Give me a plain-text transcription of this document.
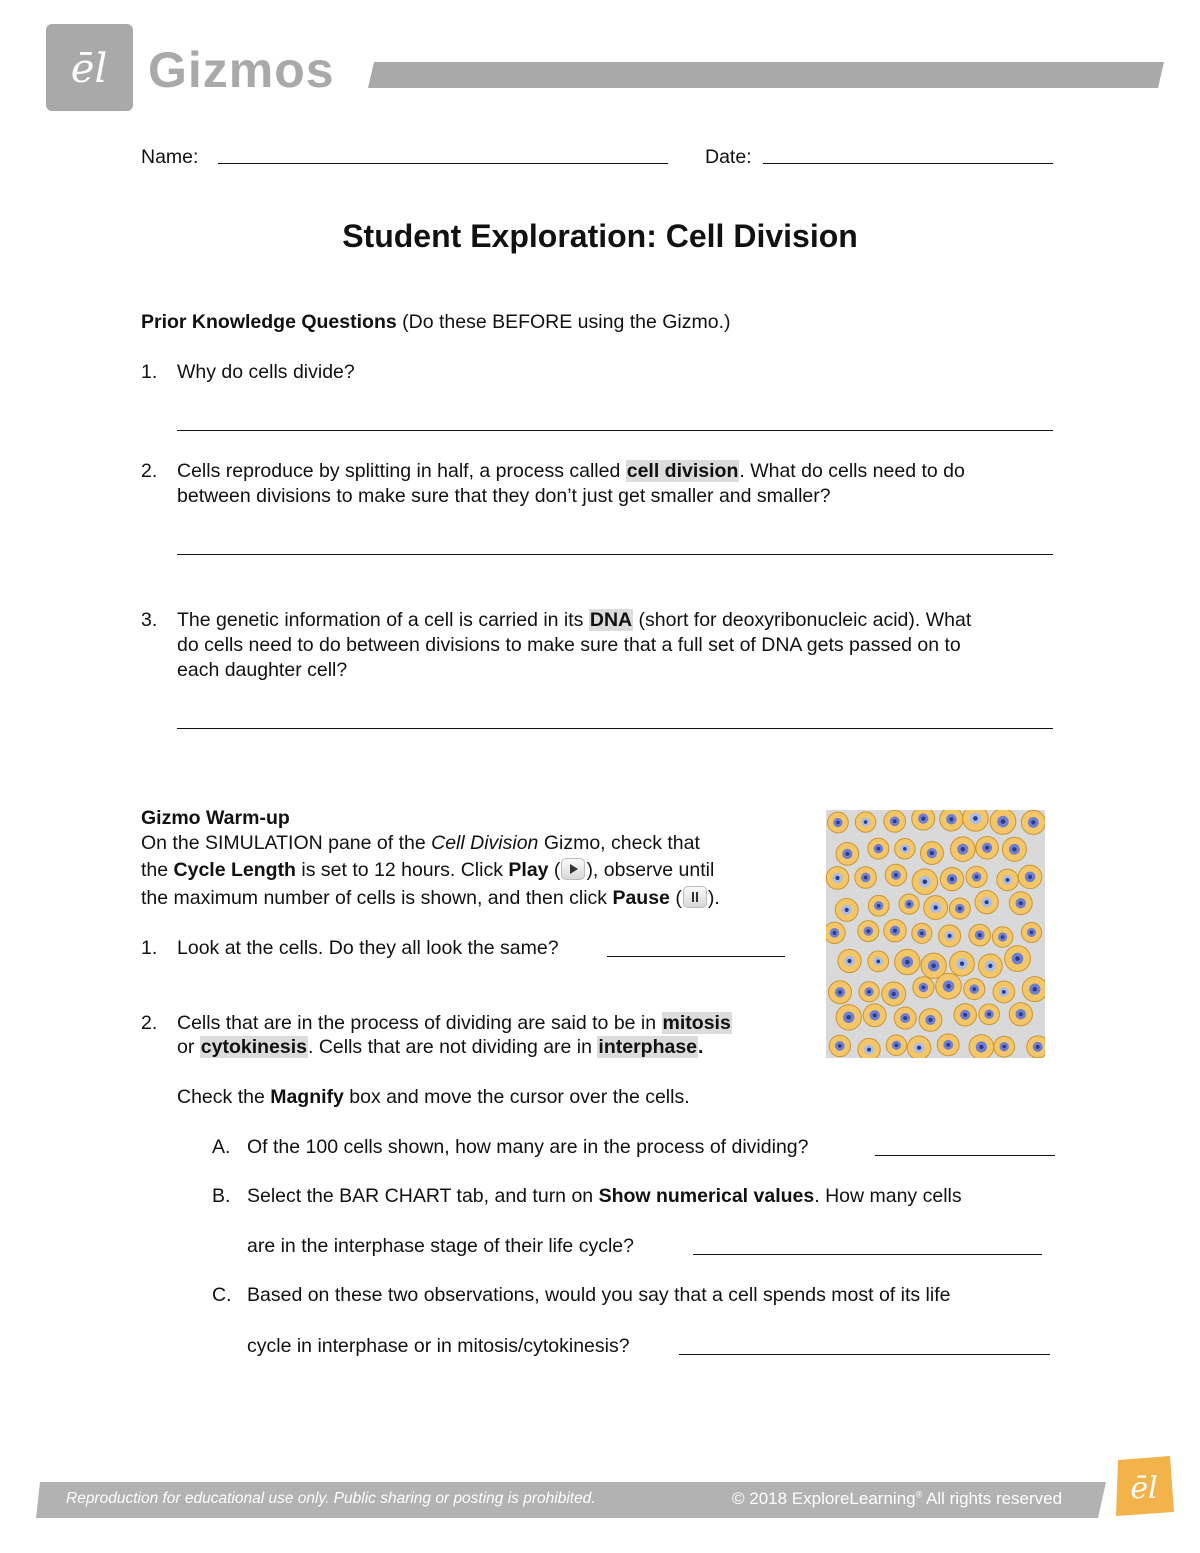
ēl Gizmos
Name:	Date:
Student Exploration: Cell Division
Prior Knowledge Questions (Do these BEFORE using the Gizmo.)
1. Why do cells divide?
2. Cells reproduce by splitting in half, a process called cell division. What do cells need to do
between divisions to make sure that they don’t just get smaller and smaller?
3. The genetic information of a cell is carried in its DNA (short for deoxyribonucleic acid). What
do cells need to do between divisions to make sure that a full set of DNA gets passed on to
each daughter cell?
Gizmo Warm-up
On the SIMULATION pane of the Cell Division Gizmo, check that
the Cycle Length is set to 12 hours. Click Play ( ), observe until
the maximum number of cells is shown, and then click Pause ( ).
1. Look at the cells. Do they all look the same?
2. Cells that are in the process of dividing are said to be in mitosis
or cytokinesis. Cells that are not dividing are in interphase.
Check the Magnify box and move the cursor over the cells.
A. Of the 100 cells shown, how many are in the process of dividing?
B. Select the BAR CHART tab, and turn on Show numerical values. How many cells
are in the interphase stage of their life cycle?
C. Based on these two observations, would you say that a cell spends most of its life
cycle in interphase or in mitosis/cytokinesis?
Reproduction for educational use only. Public sharing or posting is prohibited.	© 2018 ExploreLearning® All rights reserved ēl
